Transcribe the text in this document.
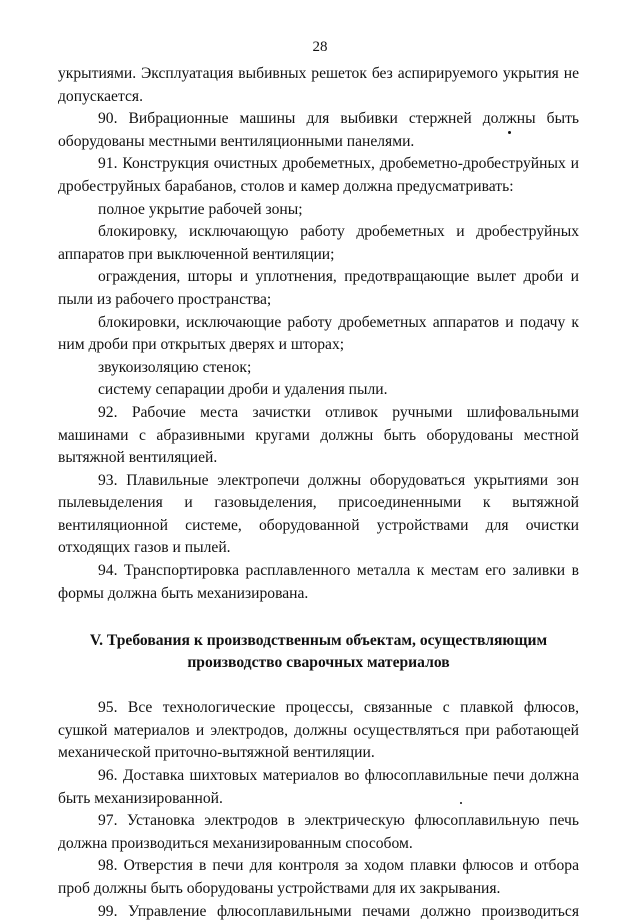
28

укрытиями. Эксплуатация выбивных решеток без аспирируемого укрытия не допускается.

90. Вибрационные машины для выбивки стержней должны быть оборудованы местными вентиляционными панелями.

91. Конструкция очистных дробеметных, дробеметно-дробеструйных и дробеструйных барабанов, столов и камер должна предусматривать:

полное укрытие рабочей зоны;

блокировку, исключающую работу дробеметных и дробеструйных аппаратов при выключенной вентиляции;

ограждения, шторы и уплотнения, предотвращающие вылет дроби и пыли из рабочего пространства;

блокировки, исключающие работу дробеметных аппаратов и подачу к ним дроби при открытых дверях и шторах;

звукоизоляцию стенок;

систему сепарации дроби и удаления пыли.

92. Рабочие места зачистки отливок ручными шлифовальными машинами с абразивными кругами должны быть оборудованы местной вытяжной вентиляцией.

93. Плавильные электропечи должны оборудоваться укрытиями зон пылевыделения и газовыделения, присоединенными к вытяжной вентиляционной системе, оборудованной устройствами для очистки отходящих газов и пылей.

94. Транспортировка расплавленного металла к местам его заливки в формы должна быть механизирована.

V. Требования к производственным объектам, осуществляющим
производство сварочных материалов

95. Все технологические процессы, связанные с плавкой флюсов, сушкой материалов и электродов, должны осуществляться при работающей механической приточно-вытяжной вентиляции.

96. Доставка шихтовых материалов во флюсоплавильные печи должна быть механизированной.

97. Установка электродов в электрическую флюсоплавильную печь должна производиться механизированным способом.

98. Отверстия в печи для контроля за ходом плавки флюсов и отбора проб должны быть оборудованы устройствами для их закрывания.

99. Управление флюсоплавильными печами должно производиться
